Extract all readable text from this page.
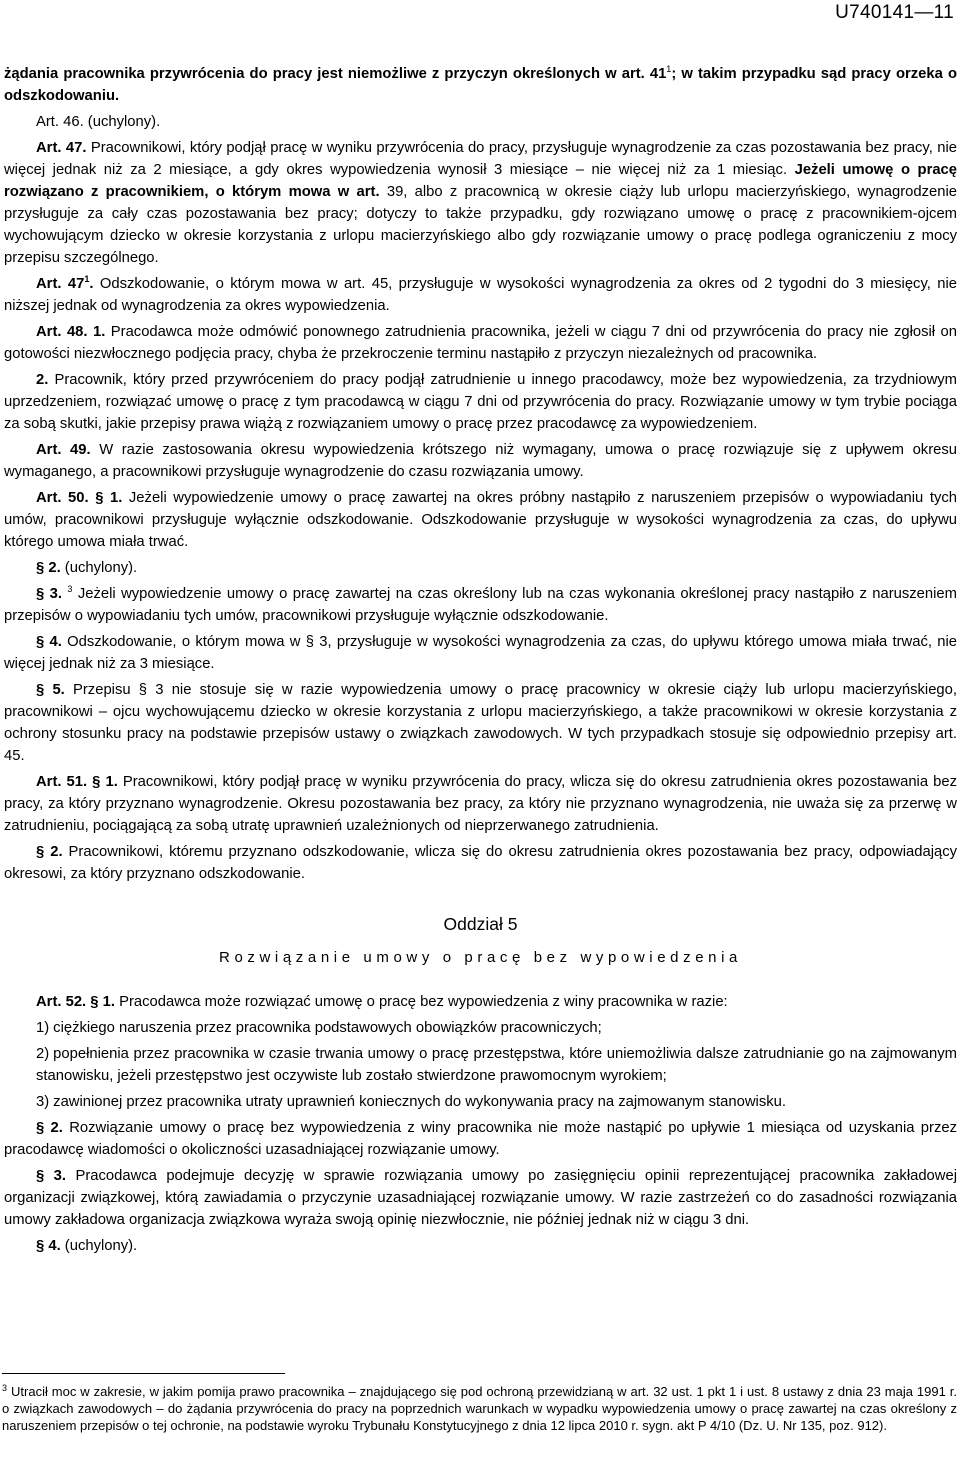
U740141—11

żądania pracownika przywrócenia do pracy jest niemożliwe z przyczyn określonych w art. $41^1$; w takim przypadku sąd pracy orzeka o odszkodowaniu.

Art. 46. (uchylony).

Art. 47. Pracownikowi, który podjął pracę w wyniku przywrócenia do pracy, przysługuje wynagrodzenie za czas pozostawania bez pracy, nie więcej jednak niż za 2 miesiące, a gdy okres wypowiedzenia wynosił 3 miesiące – nie więcej niż za 1 miesiąc. Jeżeli umowę o pracę rozwiązano z pracownikiem, o którym mowa w art. 39, albo z pracownicą w okresie ciąży lub urlopu macierzyńskiego, wynagrodzenie przysługuje za cały czas pozostawania bez pracy; dotyczy to także przypadku, gdy rozwiązano umowę o pracę z pracownikiem-ojcem wychowującym dziecko w okresie korzystania z urlopu macierzyńskiego albo gdy rozwiązanie umowy o pracę podlega ograniczeniu z mocy przepisu szczególnego.

Art. $47^1$. Odszkodowanie, o którym mowa w art. 45, przysługuje w wysokości wynagrodzenia za okres od 2 tygodni do 3 miesięcy, nie niższej jednak od wynagrodzenia za okres wypowiedzenia.

Art. 48. 1. Pracodawca może odmówić ponownego zatrudnienia pracownika, jeżeli w ciągu 7 dni od przywrócenia do pracy nie zgłosił on gotowości niezwłocznego podjęcia pracy, chyba że przekroczenie terminu nastąpiło z przyczyn niezależnych od pracownika.

2. Pracownik, który przed przywróceniem do pracy podjął zatrudnienie u innego pracodawcy, może bez wypowiedzenia, za trzydniowym uprzedzeniem, rozwiązać umowę o pracę z tym pracodawcą w ciągu 7 dni od przywrócenia do pracy. Rozwiązanie umowy w tym trybie pociąga za sobą skutki, jakie przepisy prawa wiążą z rozwiązaniem umowy o pracę przez pracodawcę za wypowiedzeniem.

Art. 49. W razie zastosowania okresu wypowiedzenia krótszego niż wymagany, umowa o pracę rozwiązuje się z upływem okresu wymaganego, a pracownikowi przysługuje wynagrodzenie do czasu rozwiązania umowy.

Art. 50. § 1. Jeżeli wypowiedzenie umowy o pracę zawartej na okres próbny nastąpiło z naruszeniem przepisów o wypowiadaniu tych umów, pracownikowi przysługuje wyłącznie odszkodowanie. Odszkodowanie przysługuje w wysokości wynagrodzenia za czas, do upływu którego umowa miała trwać.

§ 2. (uchylony).

§ 3. $^3$ Jeżeli wypowiedzenie umowy o pracę zawartej na czas określony lub na czas wykonania określonej pracy nastąpiło z naruszeniem przepisów o wypowiadaniu tych umów, pracownikowi przysługuje wyłącznie odszkodowanie.

§ 4. Odszkodowanie, o którym mowa w § 3, przysługuje w wysokości wynagrodzenia za czas, do upływu którego umowa miała trwać, nie więcej jednak niż za 3 miesiące.

§ 5. Przepisu § 3 nie stosuje się w razie wypowiedzenia umowy o pracę pracownicy w okresie ciąży lub urlopu macierzyńskiego, pracownikowi – ojcu wychowującemu dziecko w okresie korzystania z urlopu macierzyńskiego, a także pracownikowi w okresie korzystania z ochrony stosunku pracy na podstawie przepisów ustawy o związkach zawodowych. W tych przypadkach stosuje się odpowiednio przepisy art. 45.

Art. 51. § 1. Pracownikowi, który podjął pracę w wyniku przywrócenia do pracy, wlicza się do okresu zatrudnienia okres pozostawania bez pracy, za który przyznano wynagrodzenie. Okresu pozostawania bez pracy, za który nie przyznano wynagrodzenia, nie uważa się za przerwę w zatrudnieniu, pociągającą za sobą utratę uprawnień uzależnionych od nieprzerwanego zatrudnienia.

§ 2. Pracownikowi, któremu przyznano odszkodowanie, wlicza się do okresu zatrudnienia okres pozostawania bez pracy, odpowiadający okresowi, za który przyznano odszkodowanie.

Oddział 5
Rozwiązanie umowy o pracę bez wypowiedzenia

Art. 52. § 1. Pracodawca może rozwiązać umowę o pracę bez wypowiedzenia z winy pracownika w razie:

1) ciężkiego naruszenia przez pracownika podstawowych obowiązków pracowniczych;

2) popełnienia przez pracownika w czasie trwania umowy o pracę przestępstwa, które uniemożliwia dalsze zatrudnianie go na zajmowanym stanowisku, jeżeli przestępstwo jest oczywiste lub zostało stwierdzone prawomocnym wyrokiem;

3) zawinionej przez pracownika utraty uprawnień koniecznych do wykonywania pracy na zajmowanym stanowisku.

§ 2. Rozwiązanie umowy o pracę bez wypowiedzenia z winy pracownika nie może nastąpić po upływie 1 miesiąca od uzyskania przez pracodawcę wiadomości o okoliczności uzasadniającej rozwiązanie umowy.

§ 3. Pracodawca podejmuje decyzję w sprawie rozwiązania umowy po zasięgnięciu opinii reprezentującej pracownika zakładowej organizacji związkowej, którą zawiadamia o przyczynie uzasadniającej rozwiązanie umowy. W razie zastrzeżeń co do zasadności rozwiązania umowy zakładowa organizacja związkowa wyraża swoją opinię niezwłocznie, nie później jednak niż w ciągu 3 dni.

§ 4. (uchylony).

$^3$ Utracił moc w zakresie, w jakim pomija prawo pracownika – znajdującego się pod ochroną przewidzianą w art. 32 ust. 1 pkt 1 i ust. 8 ustawy z dnia 23 maja 1991 r. o związkach zawodowych – do żądania przywrócenia do pracy na poprzednich warunkach w wypadku wypowiedzenia umowy o pracę zawartej na czas określony z naruszeniem przepisów o tej ochronie, na podstawie wyroku Trybunału Konstytucyjnego z dnia 12 lipca 2010 r. sygn. akt P 4/10 (Dz. U. Nr 135, poz. 912).
